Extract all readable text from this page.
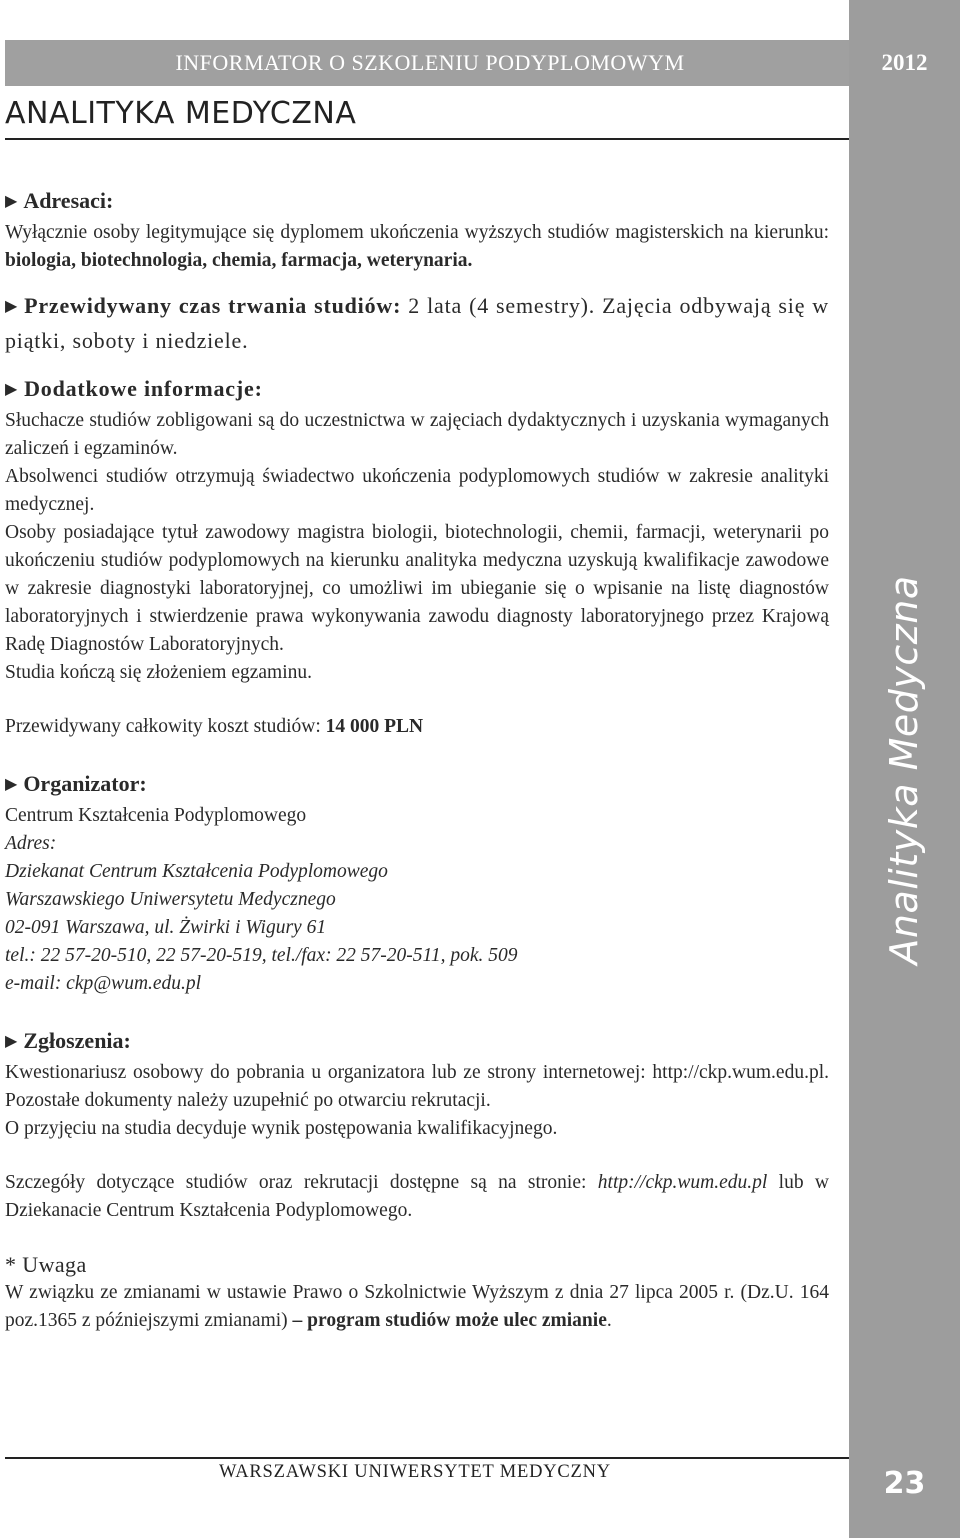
2012
Analityka Medyczna
23
INFORMATOR O SZKOLENIU PODYPLOMOWYM
ANALITYKA MEDYCZNA
▶ Adresaci:

Wyłącznie osoby legitymujące się dyplomem ukończenia wyższych studiów magisterskich na kierunku: biologia, biotechnologia, chemia, farmacja, weterynaria.

▶ Przewidywany czas trwania studiów: 2 lata (4 semestry). Zajęcia odbywają się w piątki, soboty i niedziele.
▶ Dodatkowe informacje:

Słuchacze studiów zobligowani są do uczestnictwa w zajęciach dydaktycznych i uzyskania wymaganych zaliczeń i egzaminów.

Absolwenci studiów otrzymują świadectwo ukończenia podyplomowych studiów w zakresie analityki medycznej.

Osoby posiadające tytuł zawodowy magistra biologii, biotechnologii, chemii, farmacji, weterynarii po ukończeniu studiów podyplomowych na kierunku analityka medyczna uzyskują kwalifikacje zawodowe w zakresie diagnostyki laboratoryjnej, co umożliwi im ubieganie się o wpisanie na listę diagnostów laboratoryjnych i stwierdzenie prawa wykonywania zawodu diagnosty laboratoryjnego przez Krajową Radę Diagnostów Laboratoryjnych.

Studia kończą się złożeniem egzaminu.

Przewidywany całkowity koszt studiów: 14 000 PLN

▶ Organizator:

Centrum Kształcenia Podyplomowego

Adres:

Dziekanat Centrum Kształcenia Podyplomowego

Warszawskiego Uniwersytetu Medycznego

02-091 Warszawa, ul. Żwirki i Wigury 61

tel.: 22 57-20-510, 22 57-20-519, tel./fax: 22 57-20-511, pok. 509

e-mail: ckp@wum.edu.pl

▶ Zgłoszenia:

Kwestionariusz osobowy do pobrania u organizatora lub ze strony internetowej: http://ckp.wum.edu.pl. Pozostałe dokumenty należy uzupełnić po otwarciu rekrutacji.

O przyjęciu na studia decyduje wynik postępowania kwalifikacyjnego.

Szczegóły dotyczące studiów oraz rekrutacji dostępne są na stronie: http://ckp.wum.edu.pl lub w Dziekanacie Centrum Kształcenia Podyplomowego.

* Uwaga

W związku ze zmianami w ustawie Prawo o Szkolnictwie Wyższym z dnia 27 lipca 2005 r. (Dz.U. 164 poz.1365 z późniejszymi zmianami) – program studiów może ulec zmianie.

WARSZAWSKI UNIWERSYTET MEDYCZNY
